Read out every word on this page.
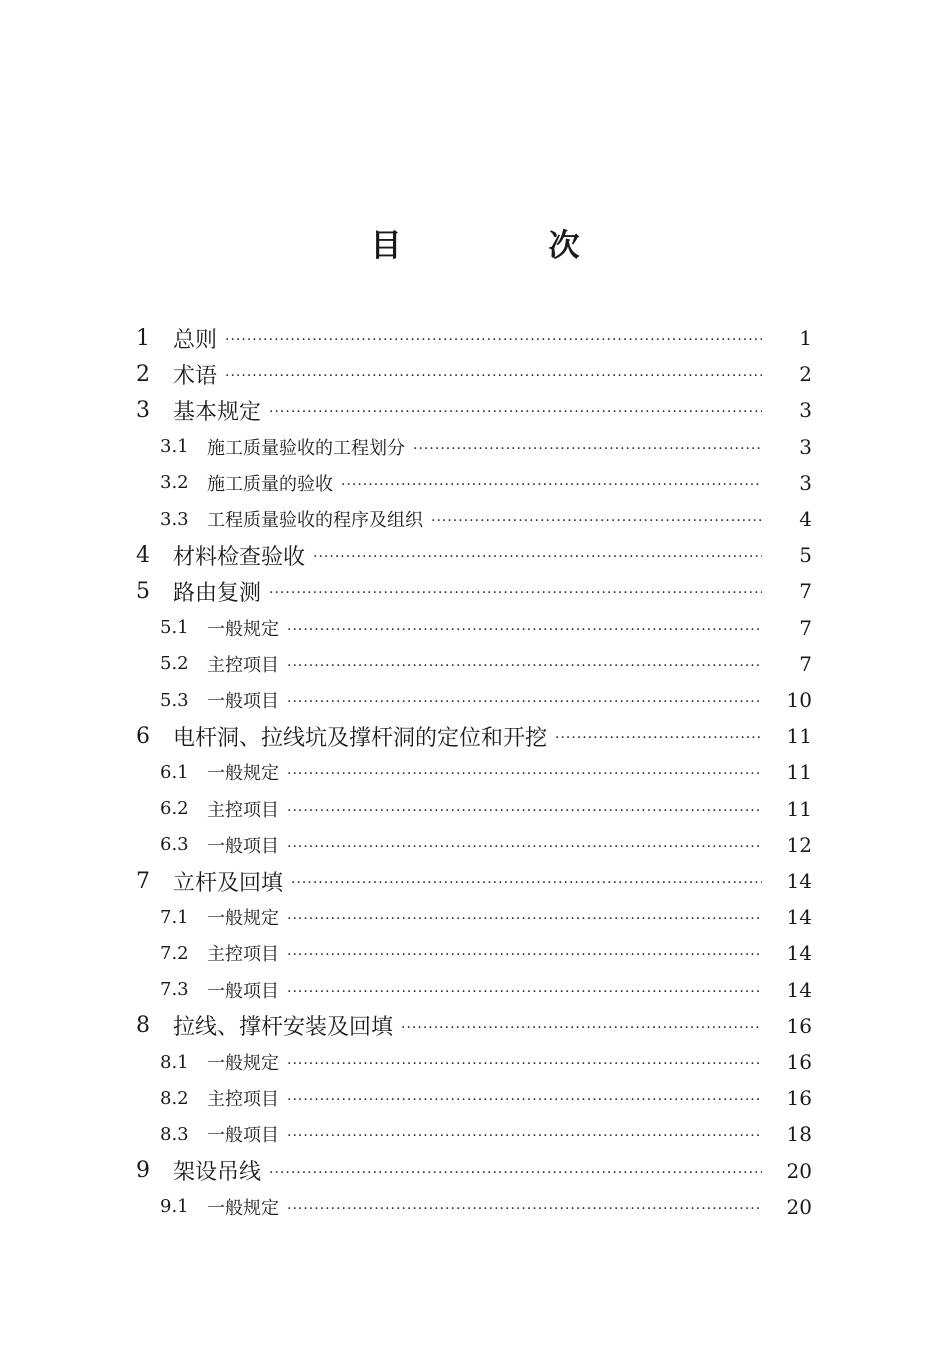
目　次
1	总则 ·····	1
2	术语 ·····	2
3	基本规定 ·····	3
3.1	施工质量验收的工程划分 ·····	3
3.2	施工质量的验收 ·····	3
3.3	工程质量验收的程序及组织 ·····	4
4	材料检查验收 ·····	5
5	路由复测 ·····	7
5.1	一般规定 ·····	7
5.2	主控项目 ·····	7
5.3	一般项目 ·····	10
6	电杆洞、拉线坑及撑杆洞的定位和开挖 ·····	11
6.1	一般规定 ·····	11
6.2	主控项目 ·····	11
6.3	一般项目 ·····	12
7	立杆及回填 ·····	14
7.1	一般规定 ·····	14
7.2	主控项目 ·····	14
7.3	一般项目 ·····	14
8	拉线、撑杆安装及回填 ·····	16
8.1	一般规定 ·····	16
8.2	主控项目 ·····	16
8.3	一般项目 ·····	18
9	架设吊线 ·····	20
9.1	一般规定 ·····	20
